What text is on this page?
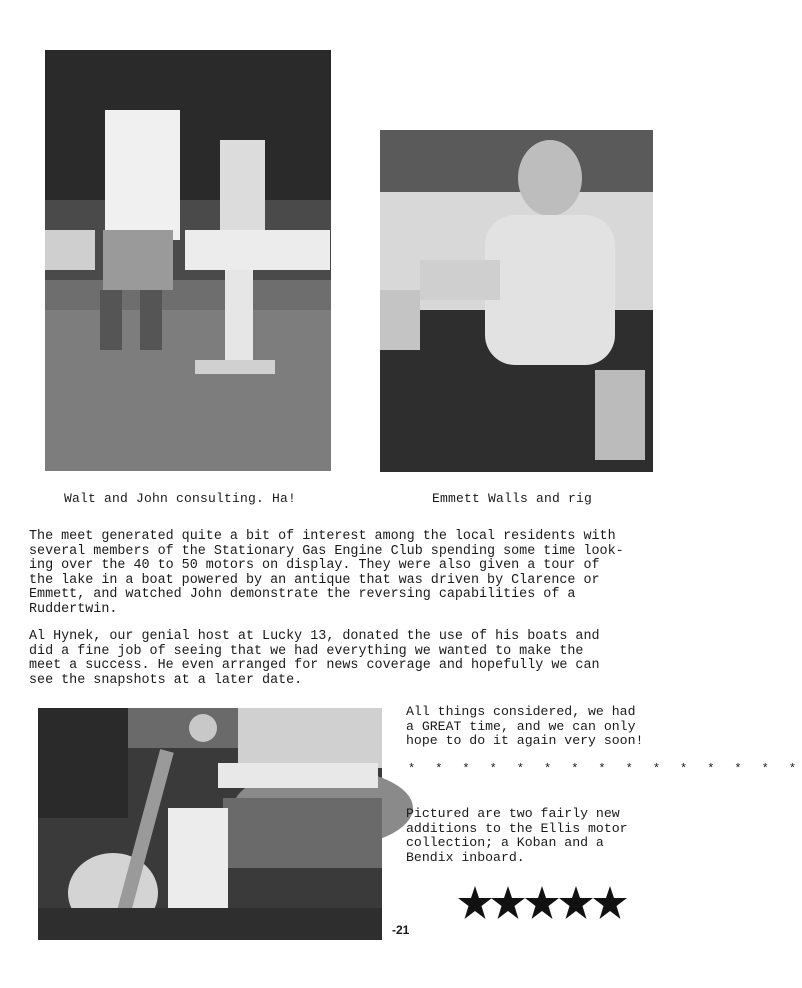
Walt and John consulting. Ha!	Emmett Walls and rig
The meet generated quite a bit of interest among the local residents with
several members of the Stationary Gas Engine Club spending some time look-
ing over the 40 to 50 motors on display. They were also given a tour of
the lake in a boat powered by an antique that was driven by Clarence or
Emmett, and watched John demonstrate the reversing capabilities of a
Ruddertwin.
Al Hynek, our genial host at Lucky 13, donated the use of his boats and
did a fine job of seeing that we had everything we wanted to make the
meet a success. He even arranged for news coverage and hopefully we can
see the snapshots at a later date.
All things considered, we had
a GREAT time, and we can only
hope to do it again very soon!
* * * * * * * * * * * * * * *
Pictured are two fairly new
additions to the Ellis motor
collection; a Koban and a
Bendix inboard.
-21
